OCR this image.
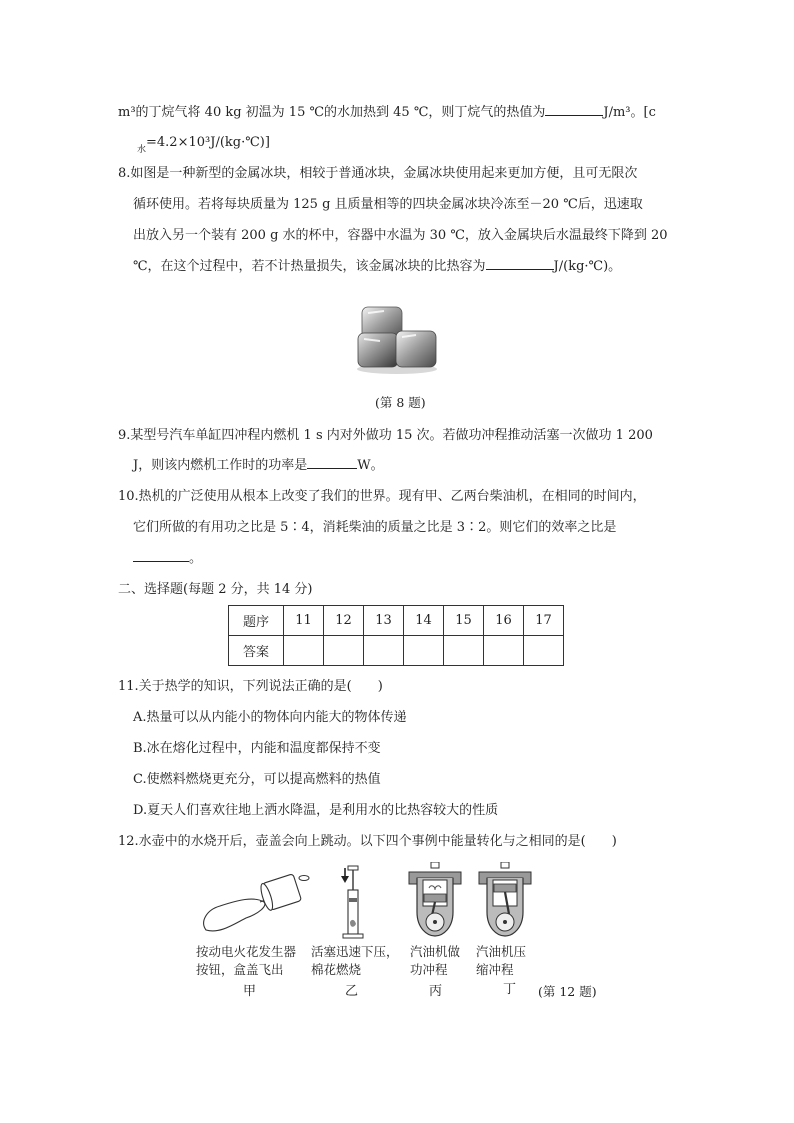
m³的丁烷气将 40 kg 初温为 15 ℃的水加热到 45 ℃，则丁烷气的热值为	J/m³。[c
$_水$=4.2×10³J/(kg·℃)]
8.如图是一种新型的金属冰块，相较于普通冰块，金属冰块使用起来更加方便，且可无限次
循环使用。若将每块质量为 125 g 且质量相等的四块金属冰块冷冻至－20 ℃后，迅速取
出放入另一个装有 200 g 水的杯中，容器中水温为 30 ℃，放入金属块后水温最终下降到 20
℃，在这个过程中，若不计热量损失，该金属冰块的比热容为	J/(kg·℃)。
(第 8 题)
9.某型号汽车单缸四冲程内燃机 1 s 内对外做功 15 次。若做功冲程推动活塞一次做功 1 200
J，则该内燃机工作时的功率是	W。
10.热机的广泛使用从根本上改变了我们的世界。现有甲、乙两台柴油机，在相同的时间内，
它们所做的有用功之比是 5∶4，消耗柴油的质量之比是 3∶2。则它们的效率之比是
。
二、选择题(每题 2 分，共 14 分)
题序	11	12	13	14	15	16	17
答案							
11.关于热学的知识，下列说法正确的是(　　)
A.热量可以从内能小的物体向内能大的物体传递
B.冰在熔化过程中，内能和温度都保持不变
C.使燃料燃烧更充分，可以提高燃料的热值
D.夏天人们喜欢往地上洒水降温，是利用水的比热容较大的性质
12.水壶中的水烧开后，壶盖会向上跳动。以下四个事例中能量转化与之相同的是(　　)
按动电火花发生器
按钮，盒盖飞出
活塞迅速下压，
棉花燃烧
汽油机做
功冲程
汽油机压
缩冲程
甲	乙	丙	丁 (第 12 题)
